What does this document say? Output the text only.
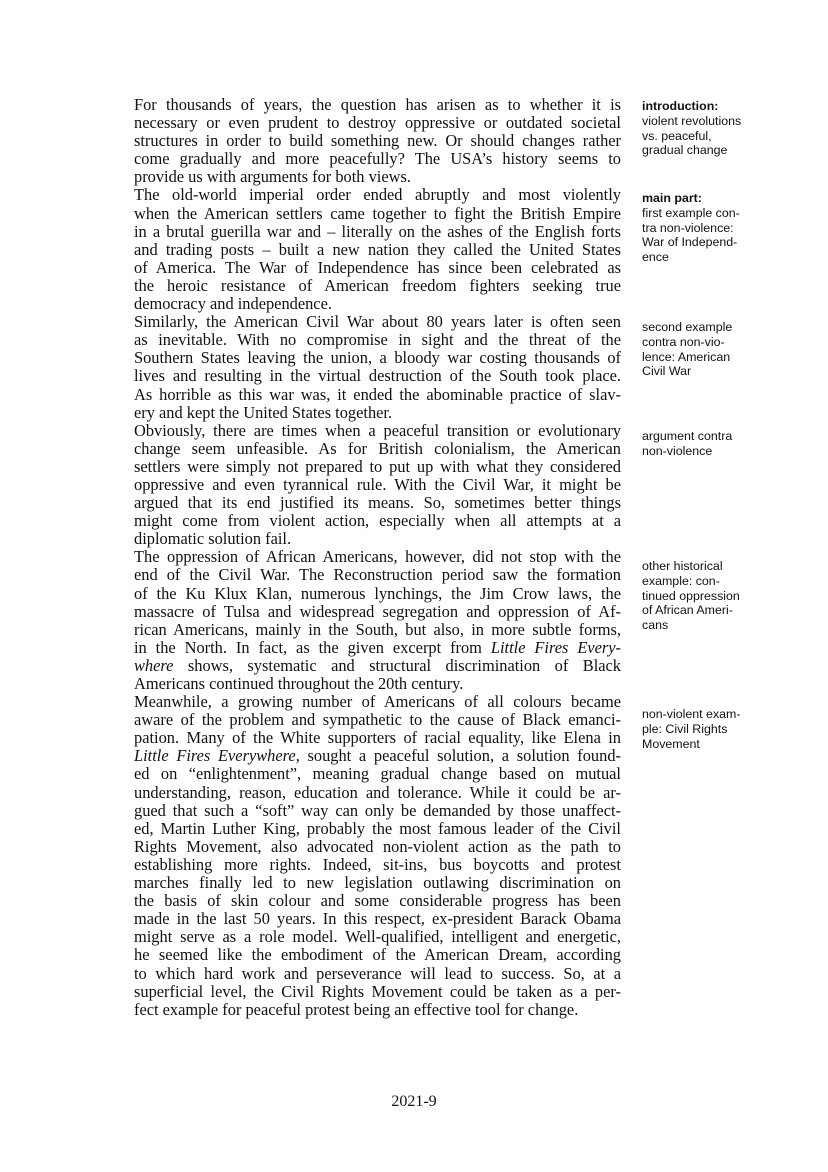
For thousands of years, the question has arisen as to whether it is
necessary or even prudent to destroy oppressive or outdated societal
structures in order to build something new. Or should changes rather
come gradually and more peacefully? The USA’s history seems to
provide us with arguments for both views.

The old-world imperial order ended abruptly and most violently
when the American settlers came together to fight the British Empire
in a brutal guerilla war and – literally on the ashes of the English forts
and trading posts – built a new nation they called the United States
of America. The War of Independence has since been celebrated as
the heroic resistance of American freedom fighters seeking true
democracy and independence.

Similarly, the American Civil War about 80 years later is often seen
as inevitable. With no compromise in sight and the threat of the
Southern States leaving the union, a bloody war costing thousands of
lives and resulting in the virtual destruction of the South took place.
As horrible as this war was, it ended the abominable practice of slav-
ery and kept the United States together.

Obviously, there are times when a peaceful transition or evolutionary
change seem unfeasible. As for British colonialism, the American
settlers were simply not prepared to put up with what they considered
oppressive and even tyrannical rule. With the Civil War, it might be
argued that its end justified its means. So, sometimes better things
might come from violent action, especially when all attempts at a
diplomatic solution fail.

The oppression of African Americans, however, did not stop with the
end of the Civil War. The Reconstruction period saw the formation
of the Ku Klux Klan, numerous lynchings, the Jim Crow laws, the
massacre of Tulsa and widespread segregation and oppression of Af-
rican Americans, mainly in the South, but also, in more subtle forms,
in the North. In fact, as the given excerpt from Little Fires Every-
where shows, systematic and structural discrimination of Black
Americans continued throughout the 20th century.

Meanwhile, a growing number of Americans of all colours became
aware of the problem and sympathetic to the cause of Black emanci-
pation. Many of the White supporters of racial equality, like Elena in
Little Fires Everywhere, sought a peaceful solution, a solution found-
ed on “enlightenment”, meaning gradual change based on mutual
understanding, reason, education and tolerance. While it could be ar-
gued that such a “soft” way can only be demanded by those unaffect-
ed, Martin Luther King, probably the most famous leader of the Civil
Rights Movement, also advocated non-violent action as the path to
establishing more rights. Indeed, sit-ins, bus boycotts and protest
marches finally led to new legislation outlawing discrimination on
the basis of skin colour and some considerable progress has been
made in the last 50 years. In this respect, ex-president Barack Obama
might serve as a role model. Well-qualified, intelligent and energetic,
he seemed like the embodiment of the American Dream, according
to which hard work and perseverance will lead to success. So, at a
superficial level, the Civil Rights Movement could be taken as a per-
fect example for peaceful protest being an effective tool for change.

introduction:
violent revolutions
vs. peaceful,
gradual change
main part:
first example con-
tra non-violence:
War of Independ-
ence
second example
contra non-vio-
lence: American
Civil War
argument contra
non-violence
other historical
example: con-
tinued oppression
of African Ameri-
cans
non-violent exam-
ple: Civil Rights
Movement
2021-9
